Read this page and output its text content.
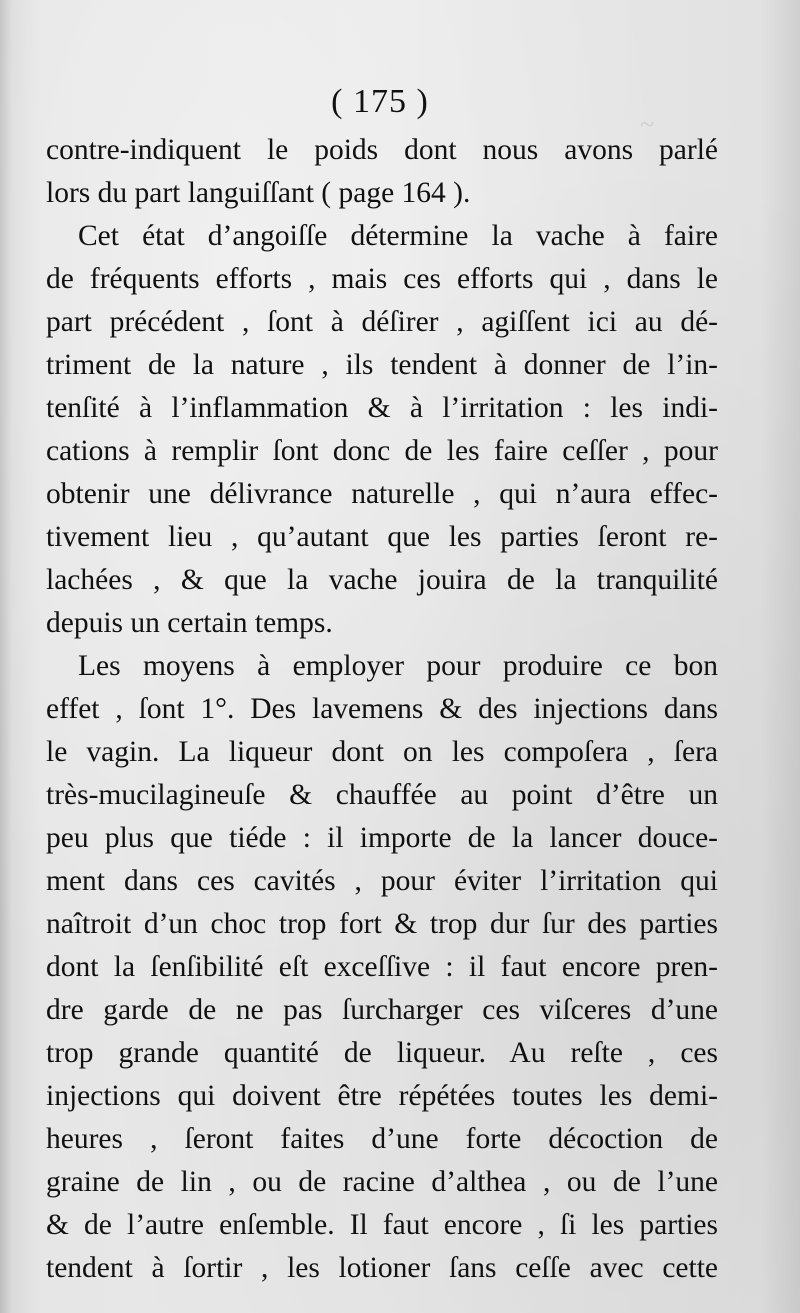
~
( 175 )
contre-indiquent le poids dont nous avons parlé
lors du part languiſſant ( page 164 ).
Cet état d’angoiſſe détermine la vache à faire
de fréquents efforts , mais ces efforts qui , dans le
part précédent , ſont à déſirer , agiſſent ici au dé-
triment de la nature , ils tendent à donner de l’in-
tenſité à l’inflammation & à l’irritation : les indi-
cations à remplir ſont donc de les faire ceſſer , pour
obtenir une délivrance naturelle , qui n’aura effec-
tivement lieu , qu’autant que les parties ſeront re-
lachées , & que la vache jouira de la tranquilité
depuis un certain temps.
Les moyens à employer pour produire ce bon
effet , ſont 1°. Des lavemens & des injections dans
le vagin. La liqueur dont on les compoſera , ſera
très-mucilagineuſe & chauffée au point d’être un
peu plus que tiéde : il importe de la lancer douce-
ment dans ces cavités , pour éviter l’irritation qui
naîtroit d’un choc trop fort & trop dur ſur des parties
dont la ſenſibilité eſt exceſſive : il faut encore pren-
dre garde de ne pas ſurcharger ces viſceres d’une
trop grande quantité de liqueur. Au reſte , ces
injections qui doivent être répétées toutes les demi-
heures , ſeront faites d’une forte décoction de
graine de lin , ou de racine d’althea , ou de l’une
& de l’autre enſemble. Il faut encore , ſi les parties
tendent à ſortir , les lotioner ſans ceſſe avec cette
